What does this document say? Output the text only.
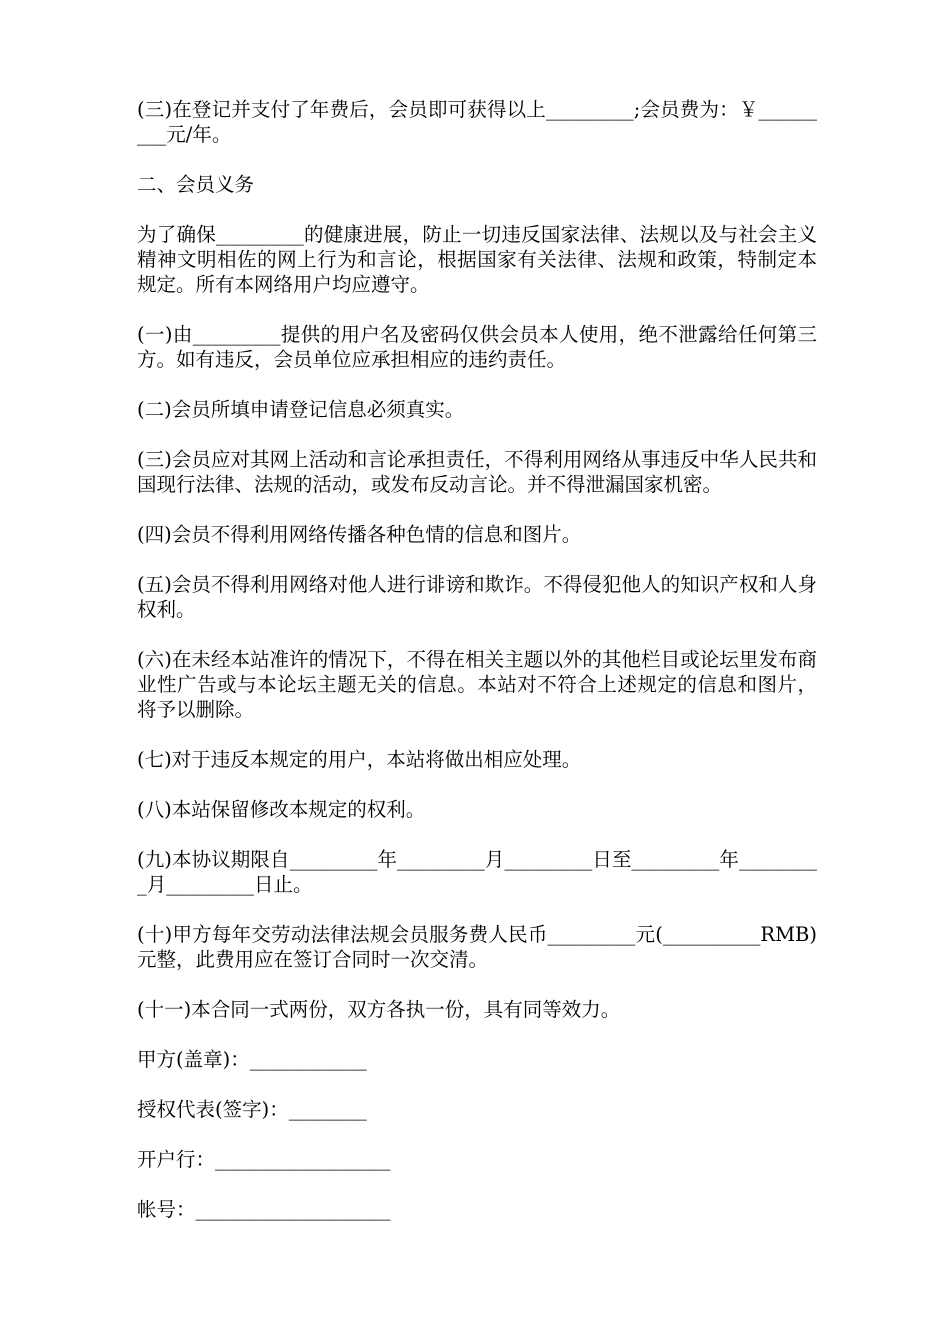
(三)在登记并支付了年费后，会员即可获得以上_________;会员费为：￥_________元/年。

二、会员义务

为了确保_________的健康进展，防止一切违反国家法律、法规以及与社会主义精神文明相佐的网上行为和言论，根据国家有关法律、法规和政策，特制定本规定。所有本网络用户均应遵守。

(一)由_________提供的用户名及密码仅供会员本人使用，绝不泄露给任何第三方。如有违反，会员单位应承担相应的违约责任。

(二)会员所填申请登记信息必须真实。

(三)会员应对其网上活动和言论承担责任，不得利用网络从事违反中华人民共和国现行法律、法规的活动，或发布反动言论。并不得泄漏国家机密。

(四)会员不得利用网络传播各种色情的信息和图片。

(五)会员不得利用网络对他人进行诽谤和欺诈。不得侵犯他人的知识产权和人身权利。

(六)在未经本站准许的情况下，不得在相关主题以外的其他栏目或论坛里发布商业性广告或与本论坛主题无关的信息。本站对不符合上述规定的信息和图片，将予以删除。

(七)对于违反本规定的用户，本站将做出相应处理。

(八)本站保留修改本规定的权利。

(九)本协议期限自_________年_________月_________日至_________年_________月_________日止。

(十)甲方每年交劳动法律法规会员服务费人民币_________元(__________RMB)元整，此费用应在签订合同时一次交清。

(十一)本合同一式两份，双方各执一份，具有同等效力。

甲方(盖章)：____________

授权代表(签字)：________

开户行：__________________

帐号：____________________
